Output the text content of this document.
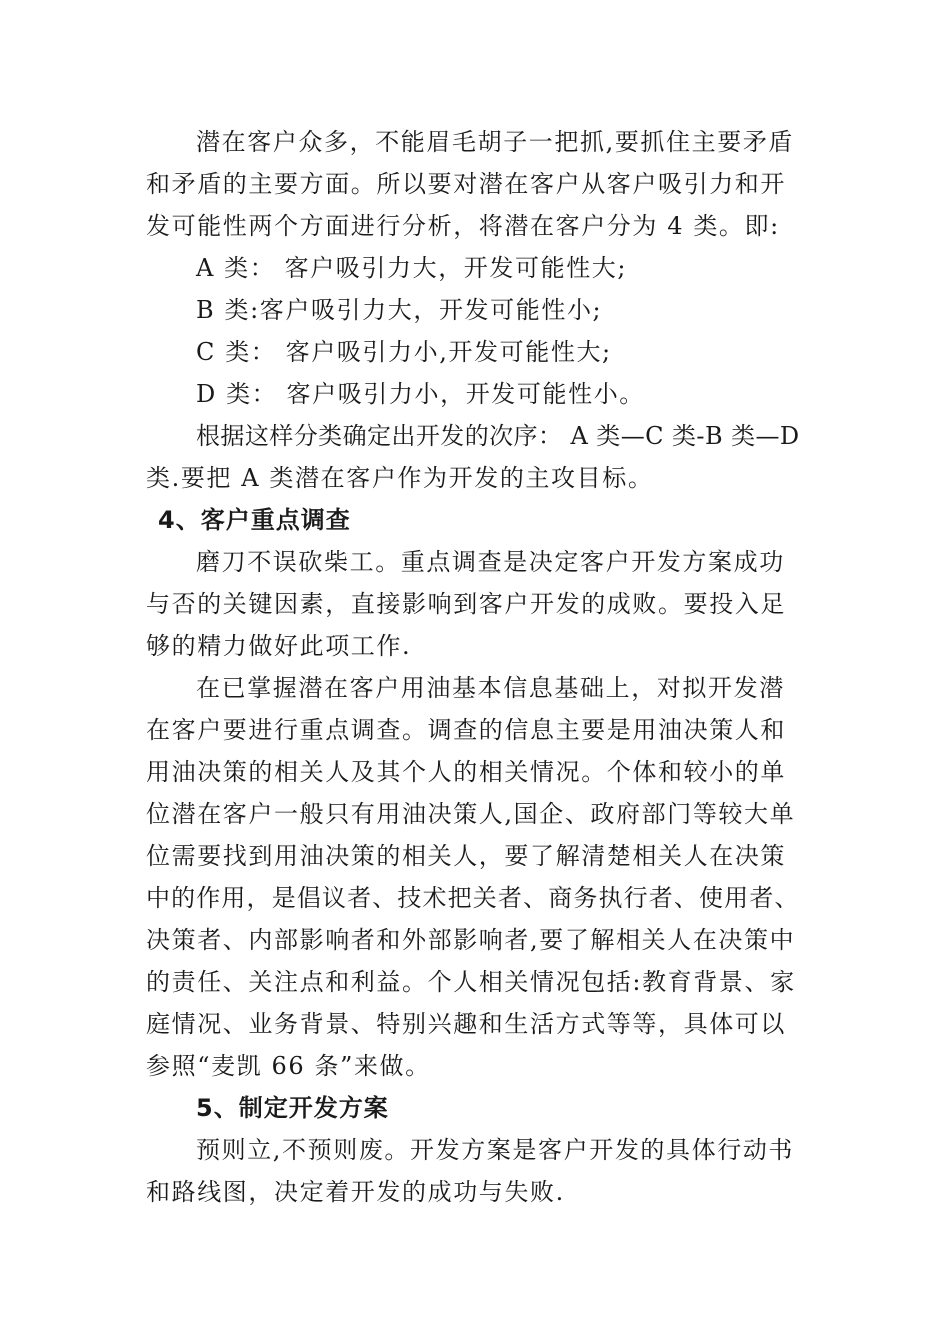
潜在客户众多，不能眉毛胡子一把抓,要抓住主要矛盾
和矛盾的主要方面。所以要对潜在客户从客户吸引力和开
发可能性两个方面进行分析，将潜在客户分为 4 类。即:
A 类： 客户吸引力大，开发可能性大;
B 类:客户吸引力大，开发可能性小;
C 类： 客户吸引力小,开发可能性大;
D 类： 客户吸引力小，开发可能性小。
根据这样分类确定出开发的次序： A 类—C 类-B 类—D
类.要把 A 类潜在客户作为开发的主攻目标。
4、客户重点调查
磨刀不误砍柴工。重点调查是决定客户开发方案成功
与否的关键因素，直接影响到客户开发的成败。要投入足
够的精力做好此项工作.
在已掌握潜在客户用油基本信息基础上，对拟开发潜
在客户要进行重点调查。调查的信息主要是用油决策人和
用油决策的相关人及其个人的相关情况。个体和较小的单
位潜在客户一般只有用油决策人,国企、政府部门等较大单
位需要找到用油决策的相关人，要了解清楚相关人在决策
中的作用，是倡议者、技术把关者、商务执行者、使用者、
决策者、内部影响者和外部影响者,要了解相关人在决策中
的责任、关注点和利益。个人相关情况包括:教育背景、家
庭情况、业务背景、特别兴趣和生活方式等等，具体可以
参照“麦凯 66 条”来做。
5、制定开发方案
预则立,不预则废。开发方案是客户开发的具体行动书
和路线图，决定着开发的成功与失败.
